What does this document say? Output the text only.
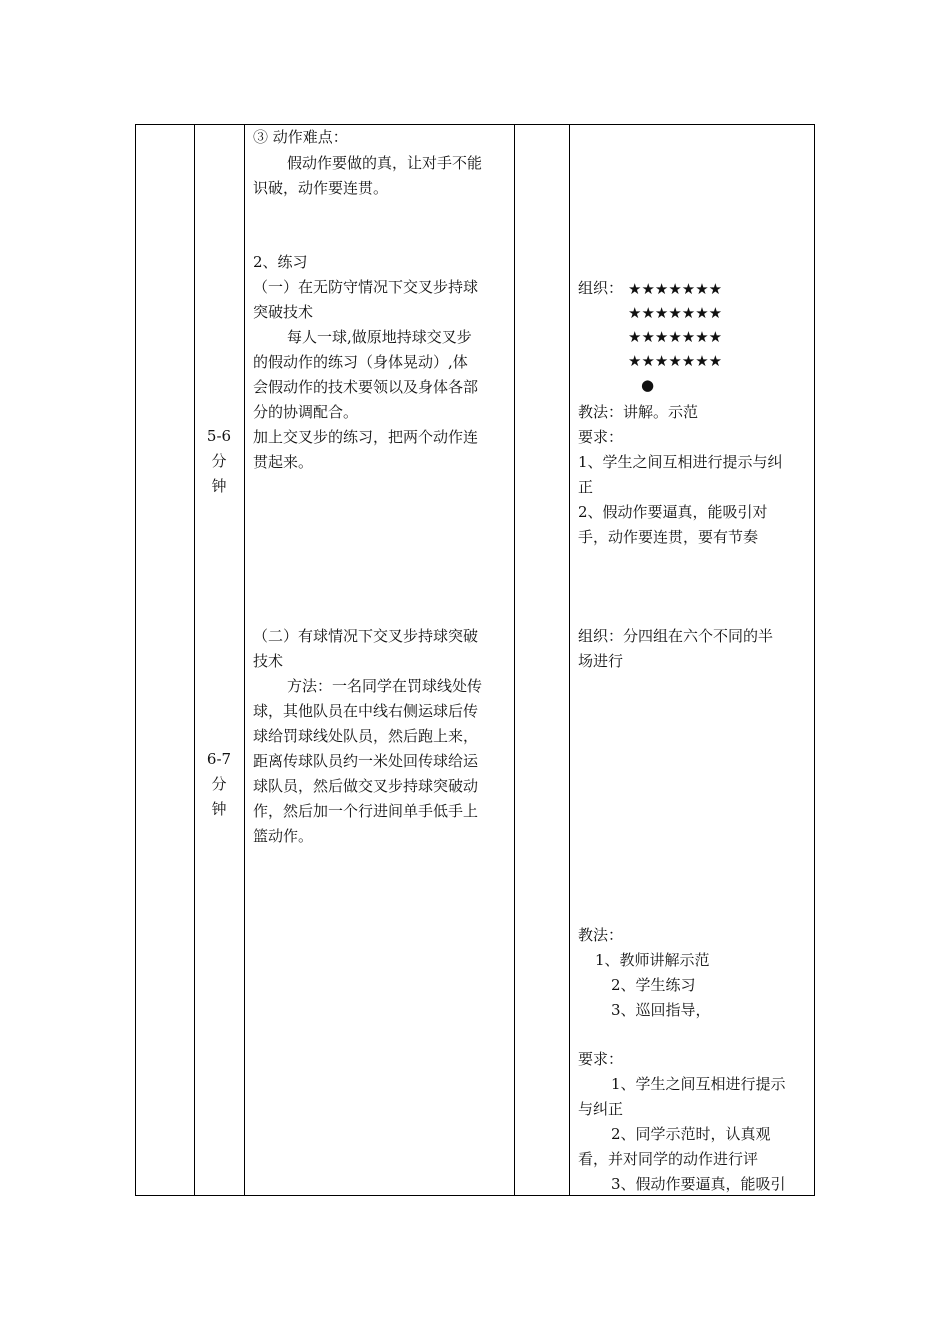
5-6
分
钟
6-7
分
钟
③ 动作难点：
假动作要做的真，让对手不能
识破，动作要连贯。
2、练习
（一）在无防守情况下交叉步持球
突破技术
每人一球,做原地持球交叉步
的假动作的练习（身体晃动）,体
会假动作的技术要领以及身体各部
分的协调配合。
加上交叉步的练习，把两个动作连
贯起来。
（二）有球情况下交叉步持球突破
技术
方法：一名同学在罚球线处传
球，其他队员在中线右侧运球后传
球给罚球线处队员，然后跑上来，
距离传球队员约一米处回传球给运
球队员，然后做交叉步持球突破动
作，然后加一个行进间单手低手上
篮动作。
组织： ★★★★★★★
★★★★★★★
★★★★★★★
★★★★★★★
●
教法：讲解。示范
要求：
1、学生之间互相进行提示与纠
正
2、假动作要逼真，能吸引对
手，动作要连贯，要有节奏
组织：分四组在六个不同的半
场进行
教法：
1、教师讲解示范
2、学生练习
3、巡回指导，
要求：
1、学生之间互相进行提示
与纠正
2、同学示范时，认真观
看，并对同学的动作进行评
3、假动作要逼真，能吸引
